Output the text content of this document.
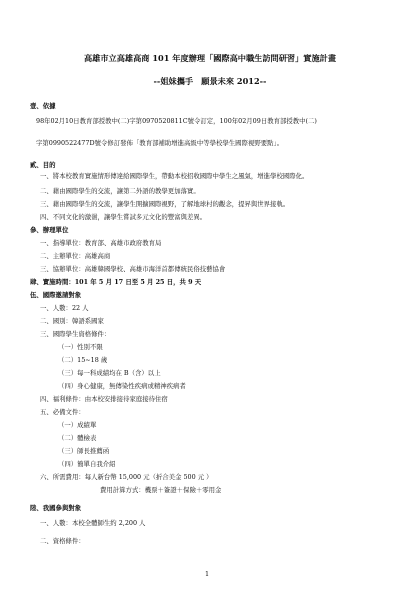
高雄市立高雄高商 101 年度辦理「國際高中職生訪問研習」實施計畫
--姐妹攜手　願景未來 2012--
壹、依據
98年02月10日教育部授教中(二)字第0970520811C號令訂定，100年02月09日教育部授教中(二)
字第0990522477D號令修訂發佈「教育部補助增進高級中等學校學生國際視野要點」。
貳、目的
一、將本校教育實施情形傳達給國際學生，帶動本校招收國際中學生之風氣，增進學校國際化。
二、藉由國際學生的交流，讓第二外語的教學更加落實。
三、藉由國際學生的交流，讓學生開擴國際視野，了解地球村的觀念，提昇與世界接軌。
四、不同文化的激盪，讓學生嘗試多元文化的豐富與差異。
參、辦理單位
一、指導單位：教育部、高雄市政府教育局
二、主辦單位：高雄高商
三、協辦單位：高雄韓國學校、高雄市海洋首都傳統民俗技藝協會
肆、實施時間：101 年 5 月 17 日至 5 月 25 日，共 9 天
伍、國際邀請對象
一、人數：22 人
二、國別：韓語系國家
三、國際學生資格條件：
（一）性別不限
（二）15~18 歲
（三）每一科成績均在 B（含）以上
（四）身心健康，無傳染性疾病或精神疾病者
四、福利條件：由本校安排接待家庭接待住宿
五、必備文件：
（一）成績單
（二）體檢表
（三）師長推薦函
（四）簡單自我介紹
六、所需費用：每人新台幣 15,000 元（折合美金 500 元 ）
費用計算方式：機票＋簽證＋保險＋零用金
陸、我國參與對象
一、人數：本校全體師生約 2,200 人
二、資格條件：
1
